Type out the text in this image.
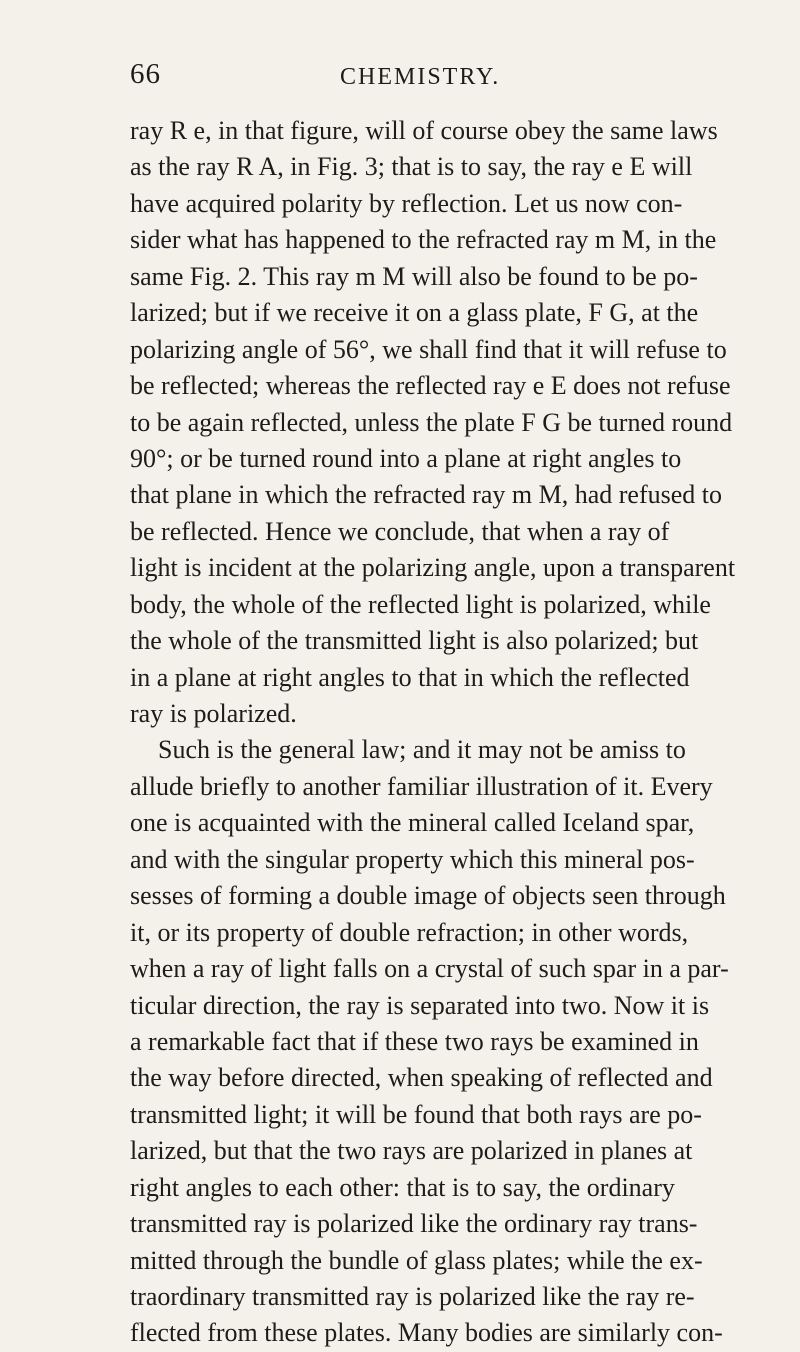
66	CHEMISTRY.
ray R e, in that figure, will of course obey the same laws
as the ray R A, in Fig. 3; that is to say, the ray e E will
have acquired polarity by reflection. Let us now con-
sider what has happened to the refracted ray m M, in the
same Fig. 2. This ray m M will also be found to be po-
larized; but if we receive it on a glass plate, F G, at the
polarizing angle of 56°, we shall find that it will refuse to
be reflected; whereas the reflected ray e E does not refuse
to be again reflected, unless the plate F G be turned round
90°; or be turned round into a plane at right angles to
that plane in which the refracted ray m M, had refused to
be reflected. Hence we conclude, that when a ray of
light is incident at the polarizing angle, upon a transparent
body, the whole of the reflected light is polarized, while
the whole of the transmitted light is also polarized; but
in a plane at right angles to that in which the reflected
ray is polarized.
Such is the general law; and it may not be amiss to
allude briefly to another familiar illustration of it. Every
one is acquainted with the mineral called Iceland spar,
and with the singular property which this mineral pos-
sesses of forming a double image of objects seen through
it, or its property of double refraction; in other words,
when a ray of light falls on a crystal of such spar in a par-
ticular direction, the ray is separated into two. Now it is
a remarkable fact that if these two rays be examined in
the way before directed, when speaking of reflected and
transmitted light; it will be found that both rays are po-
larized, but that the two rays are polarized in planes at
right angles to each other: that is to say, the ordinary
transmitted ray is polarized like the ordinary ray trans-
mitted through the bundle of glass plates; while the ex-
traordinary transmitted ray is polarized like the ray re-
flected from these plates. Many bodies are similarly con-
